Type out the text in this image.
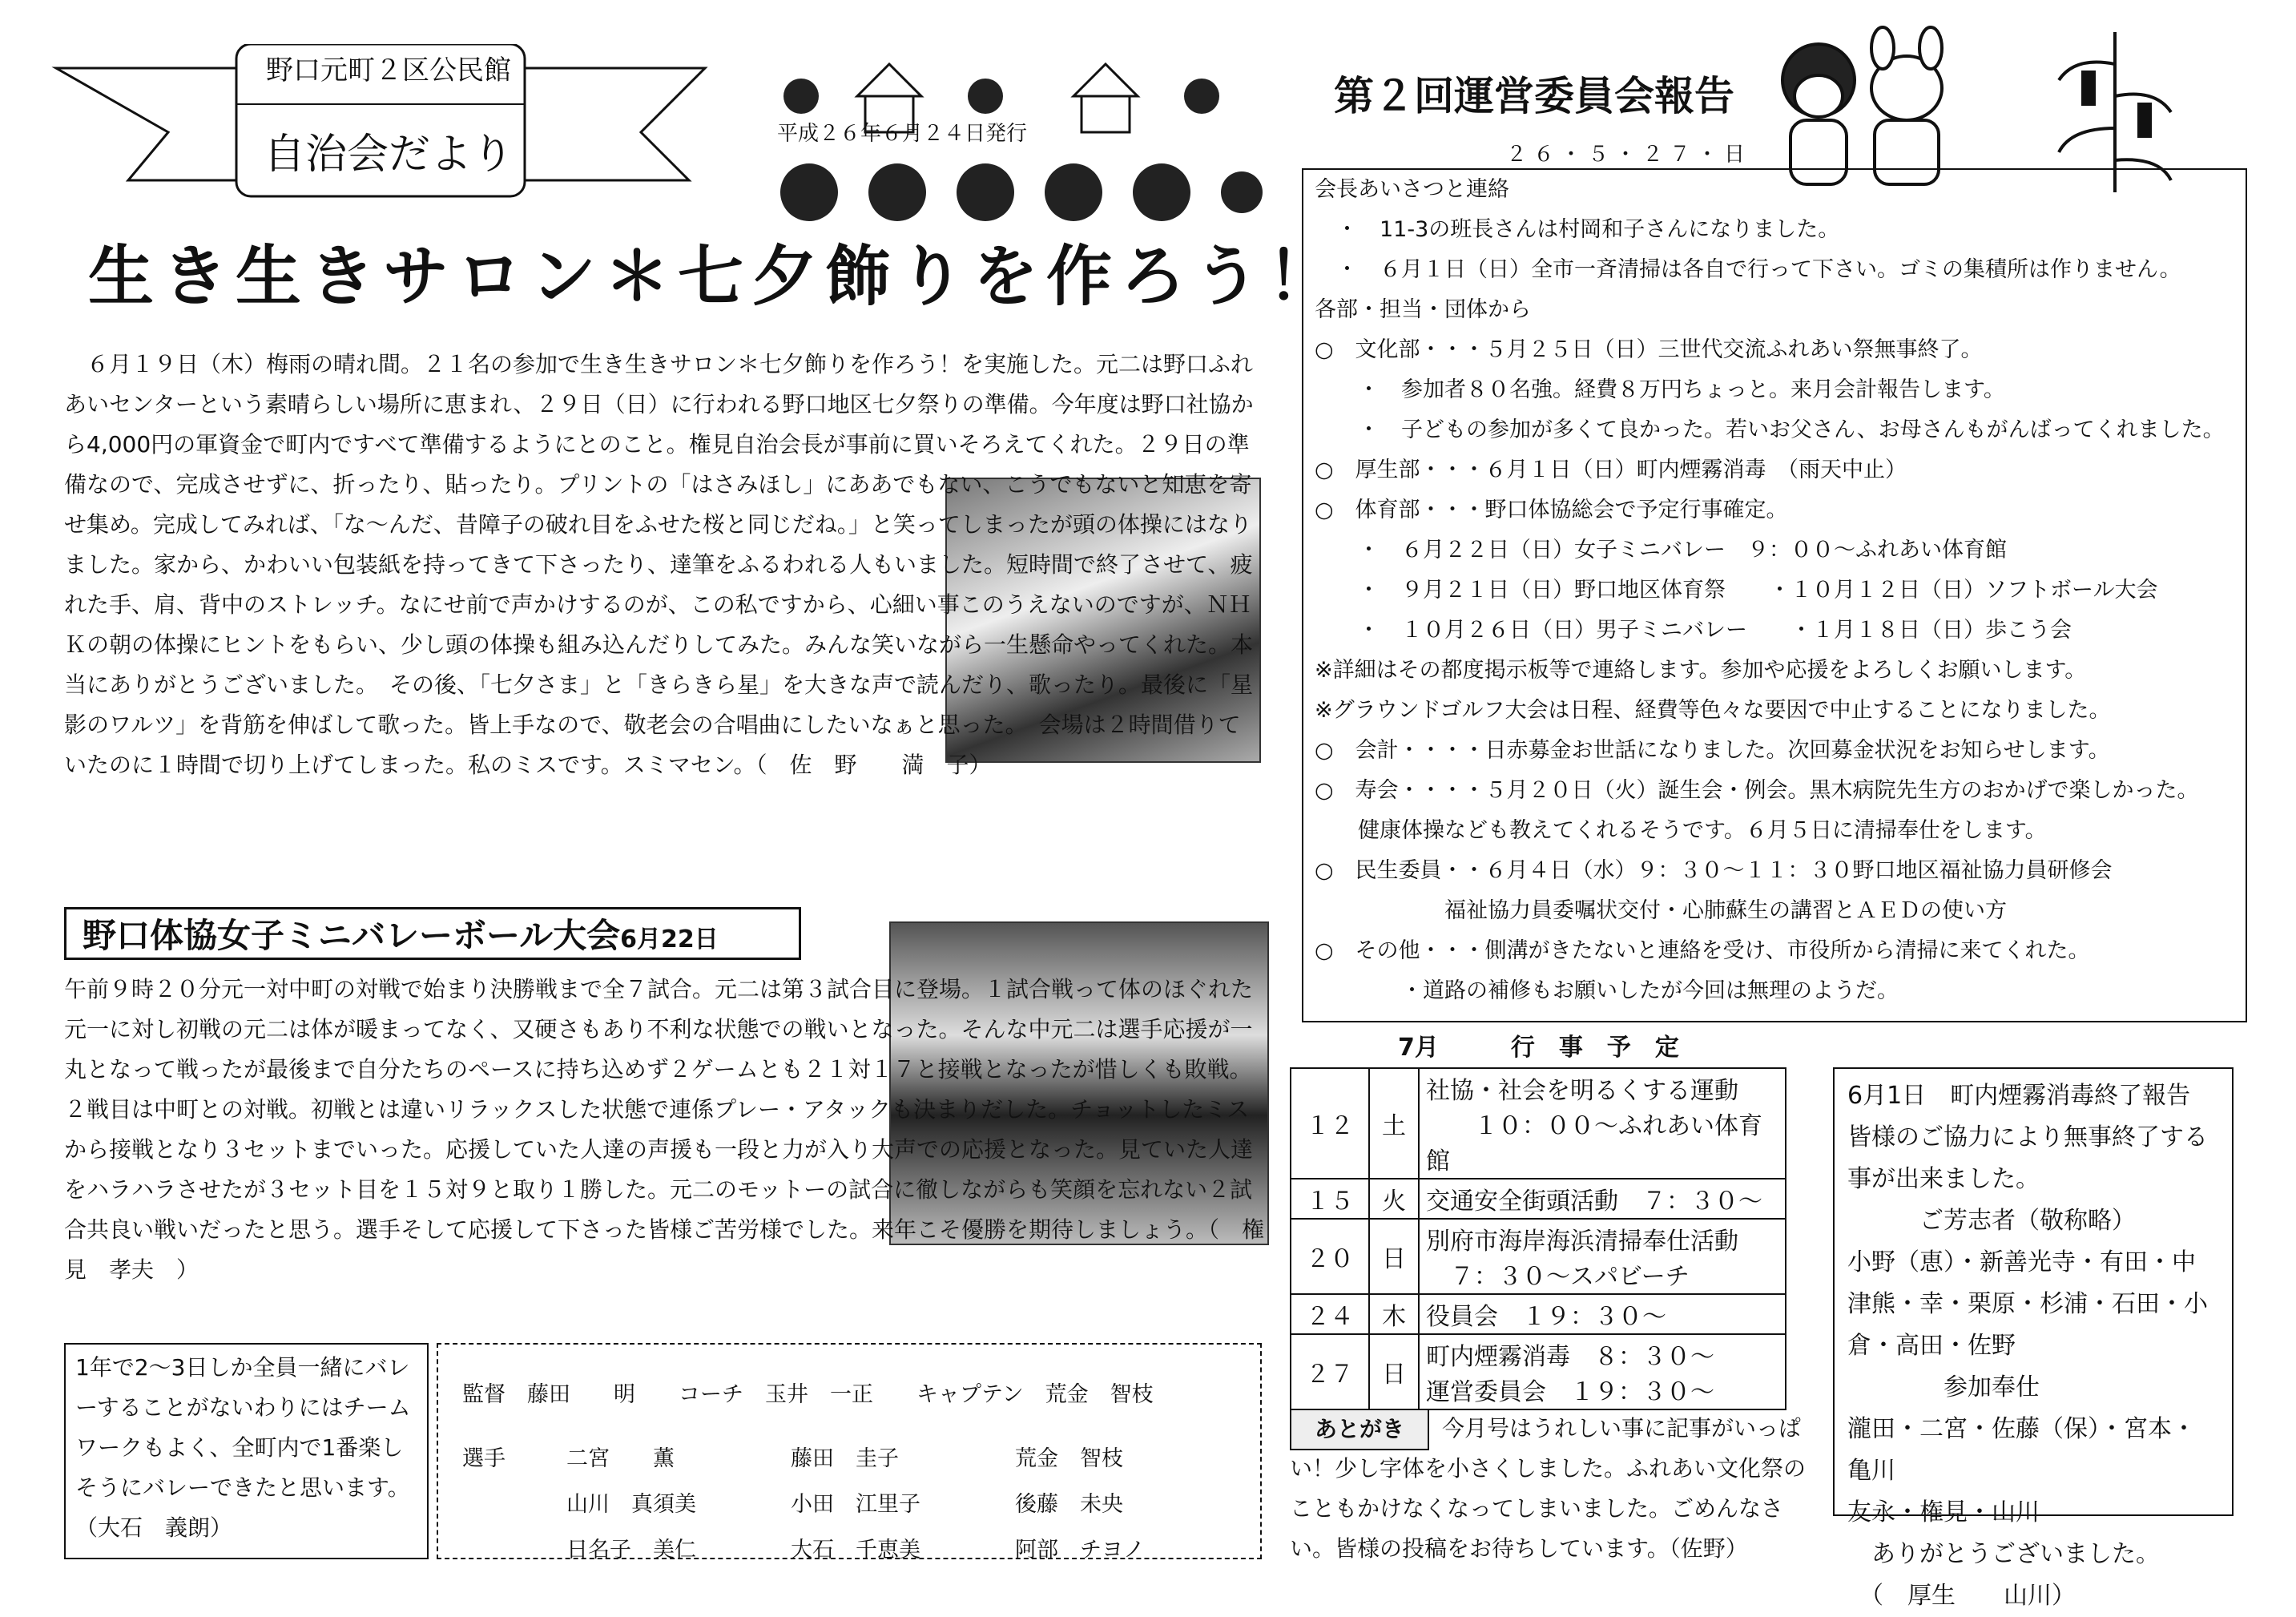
野口元町２区公民館
自治会だより	平成２６年６月２４日発行
第２回運営委員会報告
２６・５・２７・日
生き生きサロン＊七夕飾りを作ろう！
６月１９日（木）梅雨の晴れ間。２１名の参加で生き生きサロン＊七夕飾りを作ろう！を実施した。元二は野口ふれあいセンターという素晴らしい場所に恵まれ、２９日（日）に行われる野口地区七夕祭りの準備。今年度は野口社協から4,000円の軍資金で町内ですべて準備するようにとのこと。権見自治会長が事前に買いそろえてくれた。２９日の準備なので、完成させずに、折ったり、貼ったり。プリントの「はさみほし」にああでもない、こうでもないと知恵を寄せ集め。完成してみれば、「な～んだ、昔障子の破れ目をふせた桜と同じだね。」と笑ってしまったが頭の体操にはなりました。家から、かわいい包装紙を持ってきて下さったり、達筆をふるわれる人もいました。短時間で終了させて、疲れた手、肩、背中のストレッチ。なにせ前で声かけするのが、この私ですから、心細い事このうえないのですが、ＮＨＫの朝の体操にヒントをもらい、少し頭の体操も組み込んだりしてみた。みんな笑いながら一生懸命やってくれた。本当にありがとうございました。　その後、「七夕さま」と「きらきら星」を大きな声で読んだり、歌ったり。最後に「星影のワルツ」を背筋を伸ばして歌った。皆上手なので、敬老会の合唱曲にしたいなぁと思った。　会場は２時間借りていたのに１時間で切り上げてしまった。私のミスです。スミマセン。（　佐　野　　満　子）
野口体協女子ミニバレーボール大会6月22日
午前９時２０分元一対中町の対戦で始まり決勝戦まで全７試合。元二は第３試合目に登場。１試合戦って体のほぐれた元一に対し初戦の元二は体が暖まってなく、又硬さもあり不利な状態での戦いとなった。そんな中元二は選手応援が一丸となって戦ったが最後まで自分たちのペースに持ち込めず２ゲームとも２１対１７と接戦となったが惜しくも敗戦。２戦目は中町との対戦。初戦とは違いリラックスした状態で連係プレー・アタックも決まりだした。チョットしたミスから接戦となり３セットまでいった。応援していた人達の声援も一段と力が入り大声での応援となった。見ていた人達をハラハラさせたが３セット目を１５対９と取り１勝した。元二のモットーの試合に徹しながらも笑顔を忘れない２試合共良い戦いだったと思う。選手そして応援して下さった皆様ご苦労様でした。来年こそ優勝を期待しましょう。（　権見　孝夫　）
1年で2～3日しか全員一緒にバレーすることがないわりにはチームワークもよく、全町内で1番楽しそうにバレーできたと思います。　（大石　義朗）
監督　藤田　　明　　コーチ　玉井　一正　　キャプテン　荒金　智枝
選手	二宮　　薫	藤田　圭子	荒金　智枝
山川　真須美	小田　江里子	後藤　未央
日名子　美仁	大石　千恵美	阿部　チヨノ
会長あいさつと連絡
　・　11-3の班長さんは村岡和子さんになりました。
　・　６月１日（日）全市一斉清掃は各自で行って下さい。ゴミの集積所は作りません。
各部・担当・団体から
○　文化部・・・５月２５日（日）三世代交流ふれあい祭無事終了。
　　・　参加者８０名強。経費８万円ちょっと。来月会計報告します。
　　・　子どもの参加が多くて良かった。若いお父さん、お母さんもがんばってくれました。
○　厚生部・・・６月１日（日）町内煙霧消毒　（雨天中止）
○　体育部・・・野口体協総会で予定行事確定。
　　・　６月２２日（日）女子ミニバレー　９：００～ふれあい体育館
　　・　９月２１日（日）野口地区体育祭　　・１０月１２日（日）ソフトボール大会
　　・　１０月２６日（日）男子ミニバレー　　・１月１８日（日）歩こう会
※詳細はその都度掲示板等で連絡します。参加や応援をよろしくお願いします。
※グラウンドゴルフ大会は日程、経費等色々な要因で中止することになりました。
○　会計・・・・日赤募金お世話になりました。次回募金状況をお知らせします。
○　寿会・・・・５月２０日（火）誕生会・例会。黒木病院先生方のおかげで楽しかった。
　　健康体操なども教えてくれるそうです。６月５日に清掃奉仕をします。
○　民生委員・・６月４日（水）９：３０～１１：３０野口地区福祉協力員研修会
　　　　　　福祉協力員委嘱状交付・心肺蘇生の講習とＡＥＤの使い方
○　その他・・・側溝がきたないと連絡を受け、市役所から清掃に来てくれた。
　　　　・道路の補修もお願いしたが今回は無理のようだ。
7月　　　行　事　予　定
１２	土	社協・社会を明るくする運動
　　１０：００～ふれあい体育館
１５	火	交通安全街頭活動　７：３０～
２０	日	別府市海岸海浜清掃奉仕活動
　７：３０～スパビーチ
２４	木	役員会　１９：３０～
２７	日	町内煙霧消毒　８：３０～
運営委員会　１９：３０～
6月1日　町内煙霧消毒終了報告
皆様のご協力により無事終了する事が出来ました。
　　　ご芳志者（敬称略）
小野（恵）・新善光寺・有田・中津熊・幸・栗原・杉浦・石田・小倉・高田・佐野
　　　　参加奉仕
瀧田・二宮・佐藤（保）・宮本・亀川
友永・権見・山川
　ありがとうございました。
　（　厚生　　山川）
今月号はうれしい事に記事がいっぱい！少し字体を小さくしました。ふれあい文化祭のこともかけなくなってしまいました。ごめんなさい。皆様の投稿をお待ちしています。（佐野）
あとがき
